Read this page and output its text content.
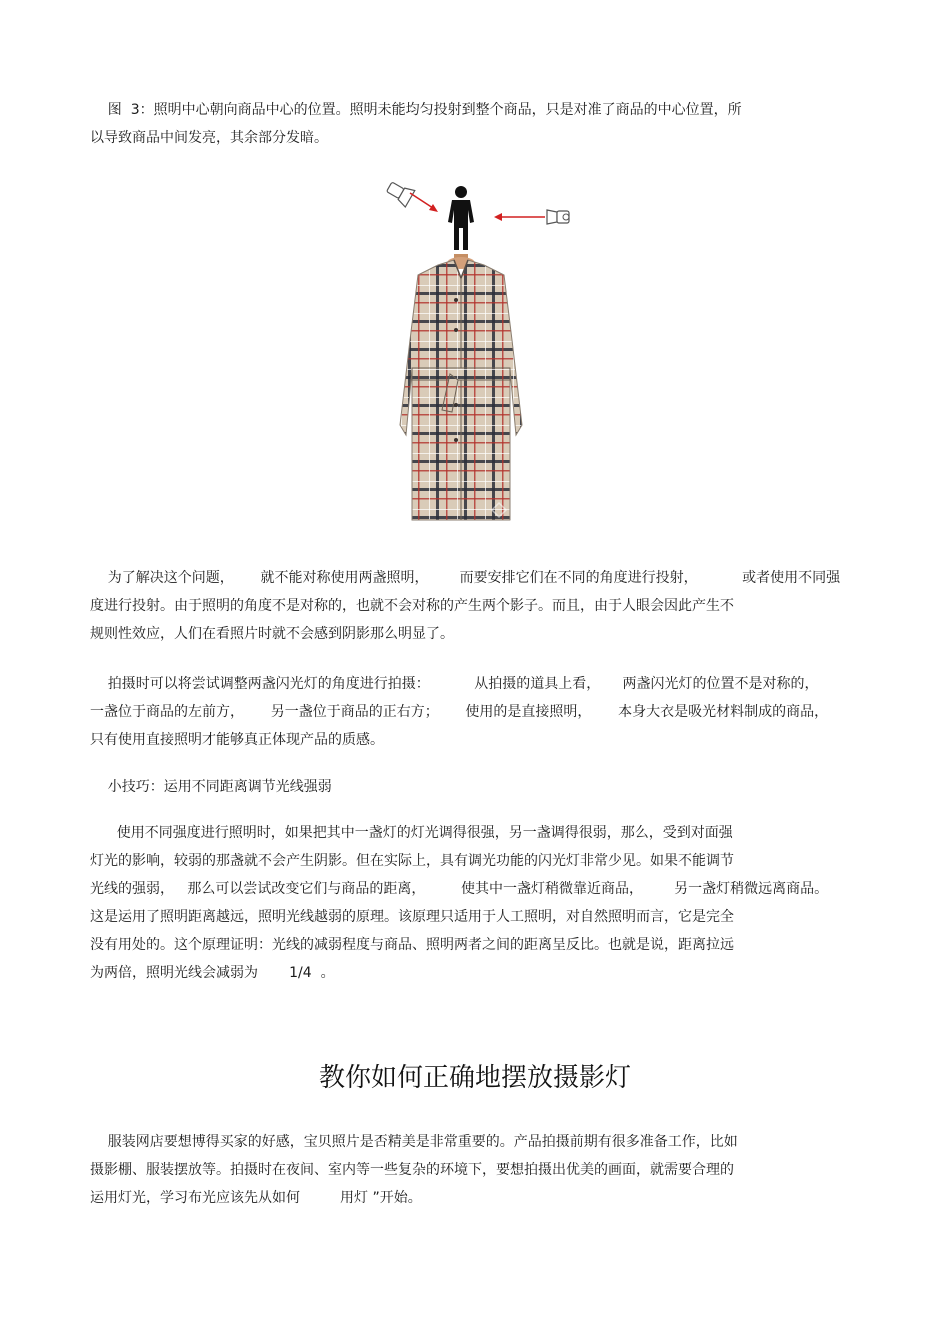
图  3：照明中心朝向商品中心的位置。照明未能均匀投射到整个商品，只是对准了商品的中心位置，所
以导致商品中间发亮，其余部分发暗。
一大把
yidaba.com
为了解决这个问题，      就不能对称使用两盏照明，       而要安排它们在不同的角度进行投射，          或者使用不同强
度进行投射。由于照明的角度不是对称的，也就不会对称的产生两个影子。而且，由于人眼会因此产生不
规则性效应，人们在看照片时就不会感到阴影那么明显了。
拍摄时可以将尝试调整两盏闪光灯的角度进行拍摄：          从拍摄的道具上看，     两盏闪光灯的位置不是对称的，
一盏位于商品的左前方，      另一盏位于商品的正右方；      使用的是直接照明，      本身大衣是吸光材料制成的商品，
只有使用直接照明才能够真正体现产品的质感。
小技巧：运用不同距离调节光线强弱
使用不同强度进行照明时，如果把其中一盏灯的灯光调得很强，另一盏调得很弱，那么，受到对面强
灯光的影响，较弱的那盏就不会产生阴影。但在实际上，具有调光功能的闪光灯非常少见。如果不能调节
光线的强弱，   那么可以尝试改变它们与商品的距离，        使其中一盏灯稍微靠近商品，       另一盏灯稍微远离商品。
这是运用了照明距离越远，照明光线越弱的原理。该原理只适用于人工照明，对自然照明而言，它是完全
没有用处的。这个原理证明：光线的减弱程度与商品、照明两者之间的距离呈反比。也就是说，距离拉远
为两倍，照明光线会减弱为       1/4  。
教你如何正确地摆放摄影灯
服装网店要想博得买家的好感，宝贝照片是否精美是非常重要的。产品拍摄前期有很多准备工作，比如
摄影棚、服装摆放等。拍摄时在夜间、室内等一些复杂的环境下，要想拍摄出优美的画面，就需要合理的
运用灯光，学习布光应该先从如何         用灯 ”开始。
